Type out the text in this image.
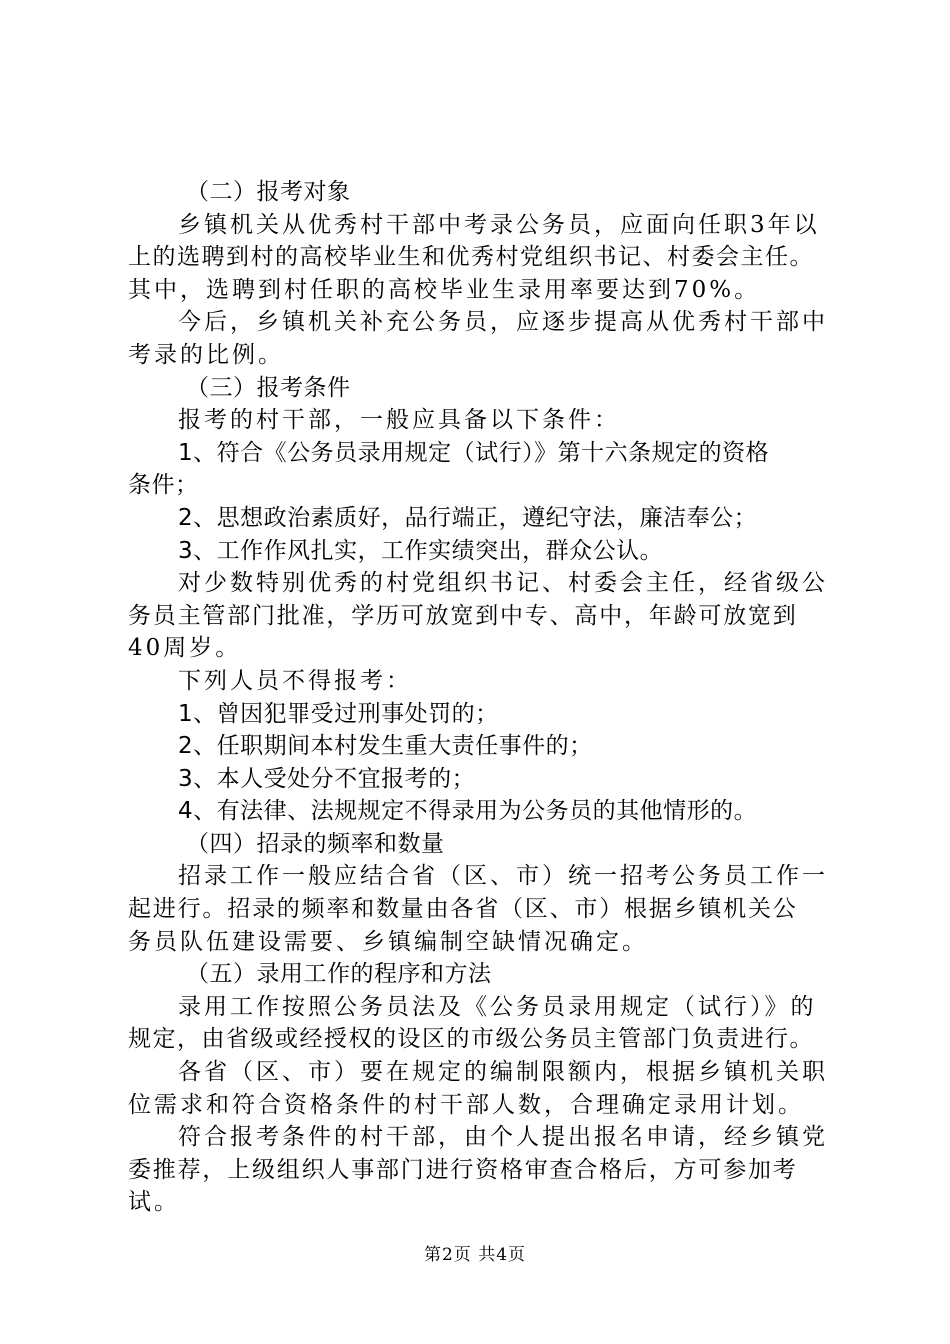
（二）报考对象
乡镇机关从优秀村干部中考录公务员，应面向任职3年以
上的选聘到村的高校毕业生和优秀村党组织书记、村委会主任。
其中，选聘到村任职的高校毕业生录用率要达到70%。
今后，乡镇机关补充公务员，应逐步提高从优秀村干部中
考录的比例。
（三）报考条件
报考的村干部，一般应具备以下条件：
1、符合《公务员录用规定（试行）》第十六条规定的资格
条件；
2、思想政治素质好，品行端正，遵纪守法，廉洁奉公；
3、工作作风扎实，工作实绩突出，群众公认。
对少数特别优秀的村党组织书记、村委会主任，经省级公
务员主管部门批准，学历可放宽到中专、高中，年龄可放宽到
40周岁。
下列人员不得报考：
1、曾因犯罪受过刑事处罚的；
2、任职期间本村发生重大责任事件的；
3、本人受处分不宜报考的；
4、有法律、法规规定不得录用为公务员的其他情形的。
（四）招录的频率和数量
招录工作一般应结合省（区、市）统一招考公务员工作一
起进行。招录的频率和数量由各省（区、市）根据乡镇机关公
务员队伍建设需要、乡镇编制空缺情况确定。
（五）录用工作的程序和方法
录用工作按照公务员法及《公务员录用规定（试行）》的
规定，由省级或经授权的设区的市级公务员主管部门负责进行。
各省（区、市）要在规定的编制限额内，根据乡镇机关职
位需求和符合资格条件的村干部人数，合理确定录用计划。
符合报考条件的村干部，由个人提出报名申请，经乡镇党
委推荐，上级组织人事部门进行资格审查合格后，方可参加考
试。
第2页 共4页
